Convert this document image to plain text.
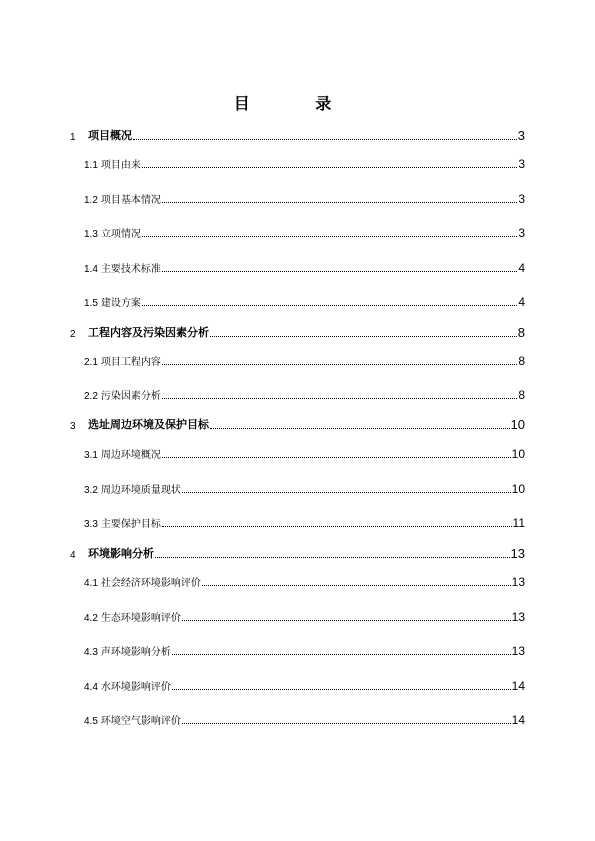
目 录
1	项目概况	3
1.1 项目由来	3
1.2 项目基本情况	3
1.3 立项情况	3
1.4 主要技术标准	4
1.5 建设方案	4
2	工程内容及污染因素分析	8
2.1 项目工程内容	8
2.2 污染因素分析	8
3	选址周边环境及保护目标	10
3.1 周边环境概况	10
3.2 周边环境质量现状	10
3.3 主要保护目标	11
4	环境影响分析	13
4.1 社会经济环境影响评价	13
4.2 生态环境影响评价	13
4.3 声环境影响分析	13
4.4 水环境影响评价	14
4.5 环境空气影响评价	14
